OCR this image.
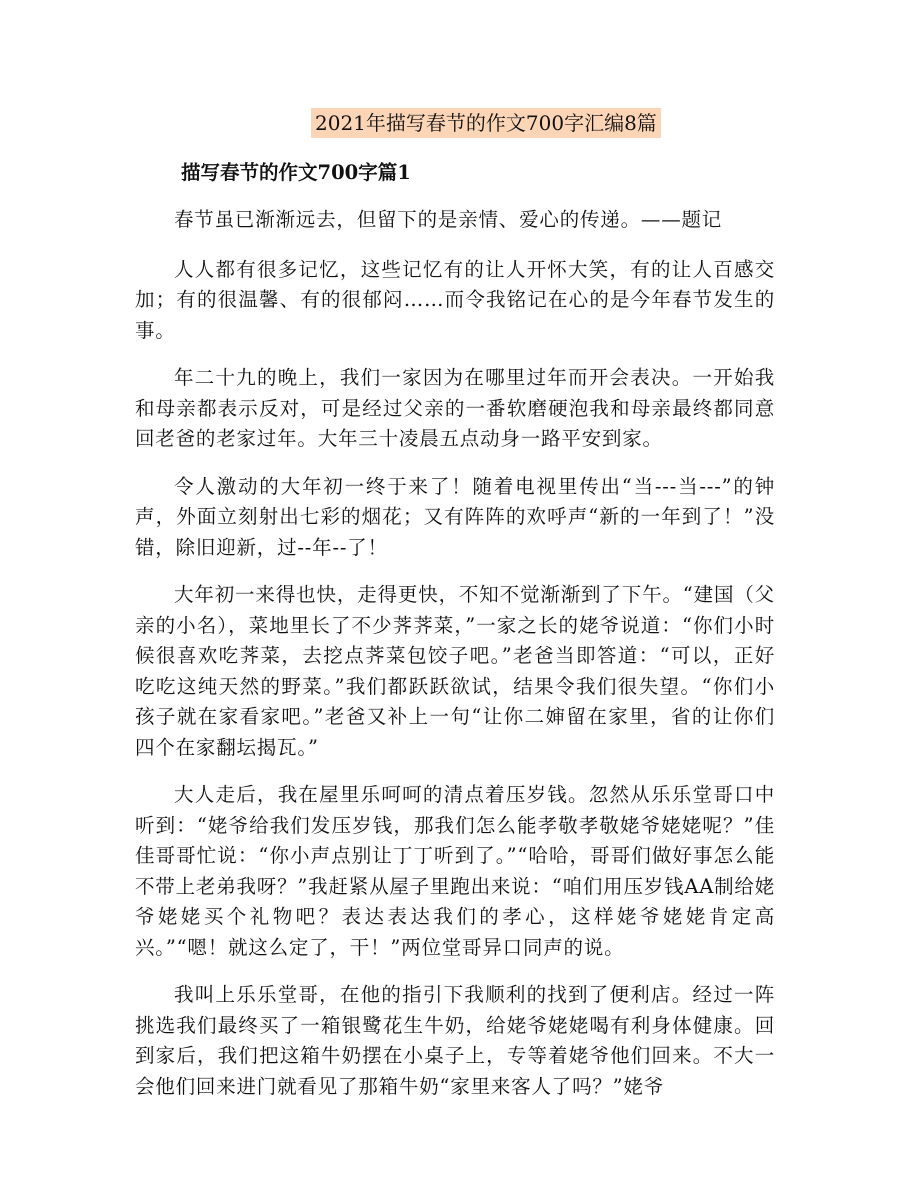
2021年描写春节的作文700字汇编8篇
描写春节的作文700字篇1

春节虽已渐渐远去，但留下的是亲情、爱心的传递。——题记

人人都有很多记忆，这些记忆有的让人开怀大笑，有的让人百感交加；有的很温馨、有的很郁闷……而令我铭记在心的是今年春节发生的事。

年二十九的晚上，我们一家因为在哪里过年而开会表决。一开始我和母亲都表示反对，可是经过父亲的一番软磨硬泡我和母亲最终都同意回老爸的老家过年。大年三十凌晨五点动身一路平安到家。

令人激动的大年初一终于来了！随着电视里传出“当---当---”的钟声，外面立刻射出七彩的烟花；又有阵阵的欢呼声“新的一年到了！”没错，除旧迎新，过--年--了！

大年初一来得也快，走得更快，不知不觉渐渐到了下午。“建国（父亲的小名），菜地里长了不少荠荠菜，”一家之长的姥爷说道：“你们小时候很喜欢吃荠菜，去挖点荠菜包饺子吧。”老爸当即答道：“可以，正好吃吃这纯天然的野菜。”我们都跃跃欲试，结果令我们很失望。“你们小孩子就在家看家吧。”老爸又补上一句“让你二婶留在家里，省的让你们四个在家翻坛揭瓦。”

大人走后，我在屋里乐呵呵的清点着压岁钱。忽然从乐乐堂哥口中听到：“姥爷给我们发压岁钱，那我们怎么能孝敬孝敬姥爷姥姥呢？”佳佳哥哥忙说：“你小声点别让丁丁听到了。”“哈哈，哥哥们做好事怎么能不带上老弟我呀？”我赶紧从屋子里跑出来说：“咱们用压岁钱AA制给姥爷姥姥买个礼物吧？表达表达我们的孝心，这样姥爷姥姥肯定高兴。”“嗯！就这么定了，干！”两位堂哥异口同声的说。

我叫上乐乐堂哥，在他的指引下我顺利的找到了便利店。经过一阵挑选我们最终买了一箱银鹭花生牛奶，给姥爷姥姥喝有利身体健康。回到家后，我们把这箱牛奶摆在小桌子上，专等着姥爷他们回来。不大一会他们回来进门就看见了那箱牛奶“家里来客人了吗？”姥爷
